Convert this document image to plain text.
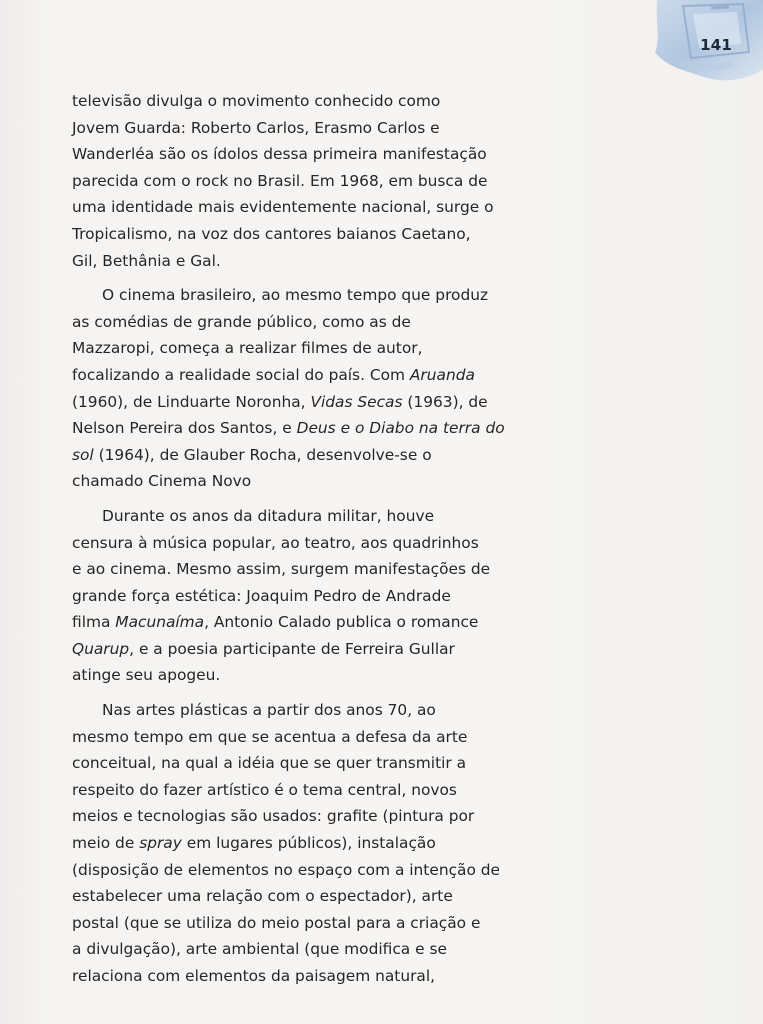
141
televisão divulga o movimento conhecido como
Jovem Guarda: Roberto Carlos, Erasmo Carlos e
Wanderléa são os ídolos dessa primeira manifestação
parecida com o rock no Brasil. Em 1968, em busca de
uma identidade mais evidentemente nacional, surge o
Tropicalismo, na voz dos cantores baianos Caetano,
Gil, Bethânia e Gal.
O cinema brasileiro, ao mesmo tempo que produz
as comédias de grande público, como as de
Mazzaropi, começa a realizar filmes de autor,
focalizando a realidade social do país. Com Aruanda
(1960), de Linduarte Noronha, Vidas Secas (1963), de
Nelson Pereira dos Santos, e Deus e o Diabo na terra do
sol (1964), de Glauber Rocha, desenvolve-se o
chamado Cinema Novo
Durante os anos da ditadura militar, houve
censura à música popular, ao teatro, aos quadrinhos
e ao cinema. Mesmo assim, surgem manifestações de
grande força estética: Joaquim Pedro de Andrade
filma Macunaíma, Antonio Calado publica o romance
Quarup, e a poesia participante de Ferreira Gullar
atinge seu apogeu.
Nas artes plásticas a partir dos anos 70, ao
mesmo tempo em que se acentua a defesa da arte
conceitual, na qual a idéia que se quer transmitir a
respeito do fazer artístico é o tema central, novos
meios e tecnologias são usados: grafite (pintura por
meio de spray em lugares públicos), instalação
(disposição de elementos no espaço com a intenção de
estabelecer uma relação com o espectador), arte
postal (que se utiliza do meio postal para a criação e
a divulgação), arte ambiental (que modifica e se
relaciona com elementos da paisagem natural,
